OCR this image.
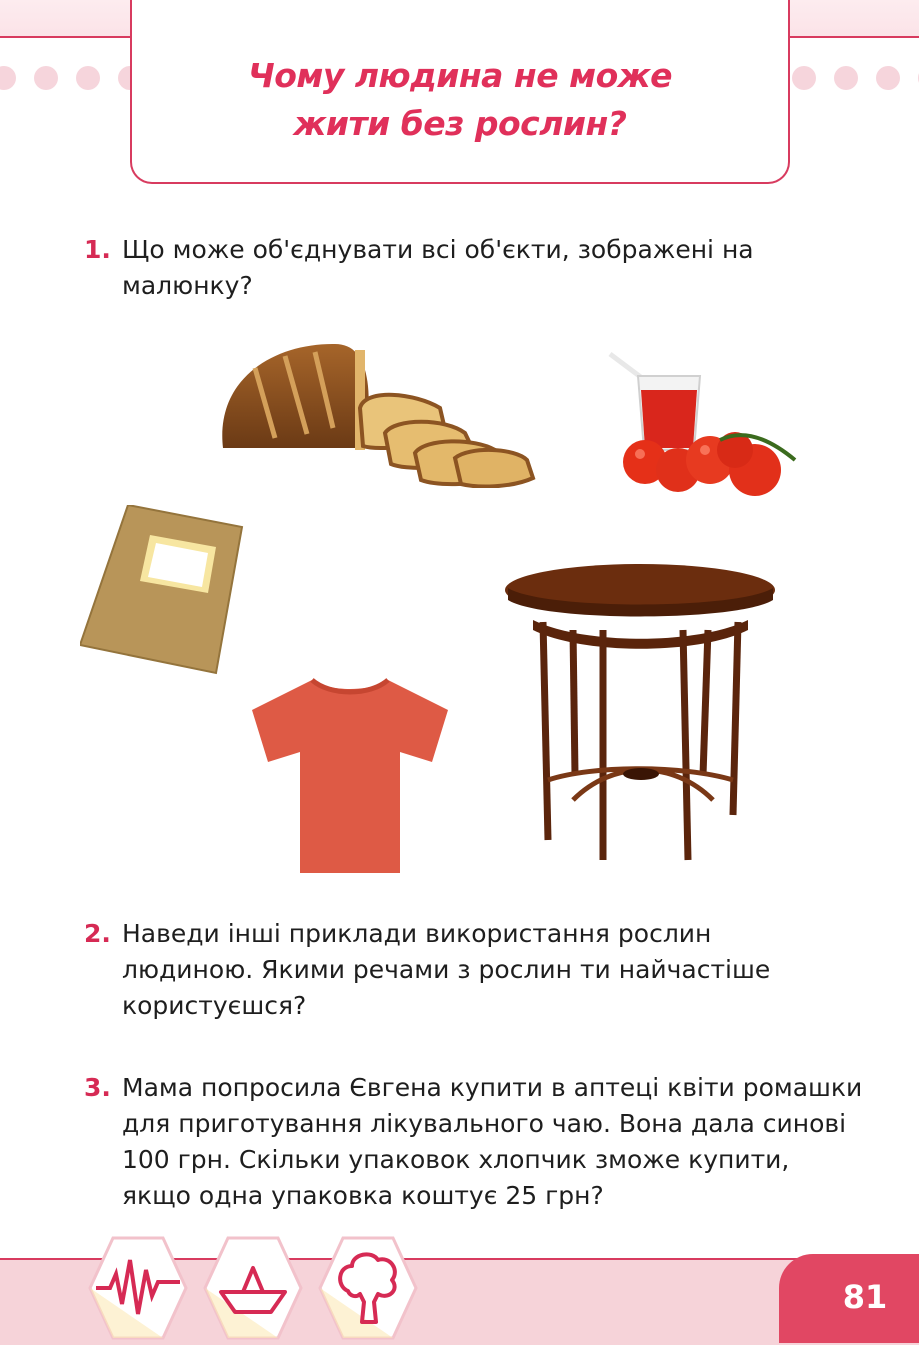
Чому людина не може
жити без рослин?
1. Що може об'єднувати всі об'єкти, зображені на малюнку?
2. Наведи інші приклади використання рослин людиною. Якими речами з рослин ти найчастіше користуєшся?
3. Мама попросила Євгена купити в аптеці квіти ромашки для приготування лікувального чаю. Вона дала синові 100 грн. Скільки упаковок хлопчик зможе купити, якщо одна упаковка коштує 25 грн?
81
